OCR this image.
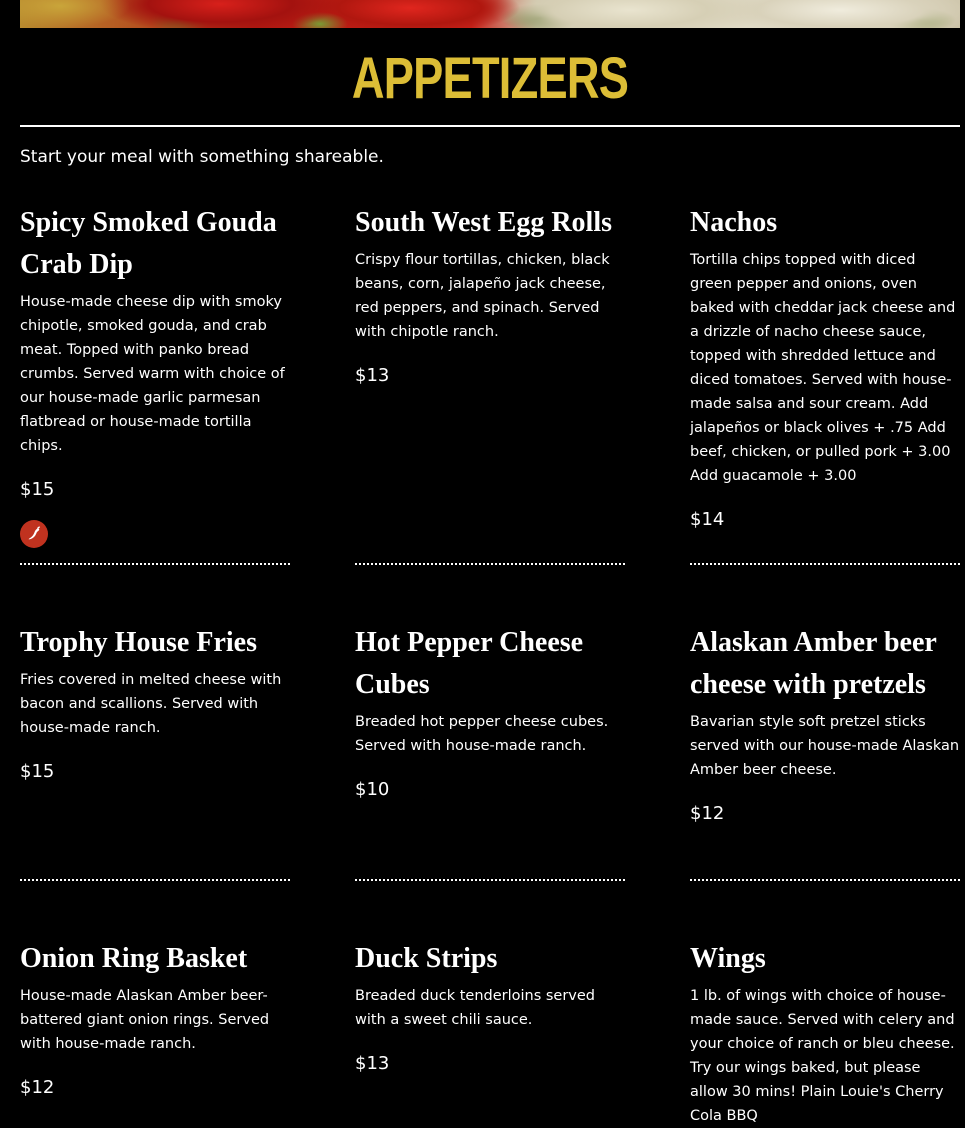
APPETIZERS
Start your meal with something shareable.
Spicy Smoked Gouda Crab Dip

House-made cheese dip with smoky chipotle, smoked gouda, and crab meat. Topped with panko bread crumbs. Served warm with choice of our house-made garlic parmesan flatbread or house-made tortilla chips.

$15

South West Egg Rolls

Crispy flour tortillas, chicken, black beans, corn, jalapeño jack cheese, red peppers, and spinach. Served with chipotle ranch.

$13

Nachos

Tortilla chips topped with diced green pepper and onions, oven baked with cheddar jack cheese and a drizzle of nacho cheese sauce, topped with shredded lettuce and diced tomatoes. Served with house-made salsa and sour cream. Add jalapeños or black olives + .75 Add beef, chicken, or pulled pork + 3.00 Add guacamole + 3.00

$14

Trophy House Fries

Fries covered in melted cheese with bacon and scallions. Served with house-made ranch.

$15

Hot Pepper Cheese Cubes

Breaded hot pepper cheese cubes. Served with house-made ranch.

$10

Alaskan Amber beer cheese with pretzels

Bavarian style soft pretzel sticks served with our house-made Alaskan Amber beer cheese.

$12

Onion Ring Basket

House-made Alaskan Amber beer-battered giant onion rings. Served with house-made ranch.

$12

Duck Strips

Breaded duck tenderloins served with a sweet chili sauce.

$13

Wings

1 lb. of wings with choice of house-made sauce. Served with celery and your choice of ranch or bleu cheese. Try our wings baked, but please allow 30 mins! Plain Louie's Cherry Cola BBQ
